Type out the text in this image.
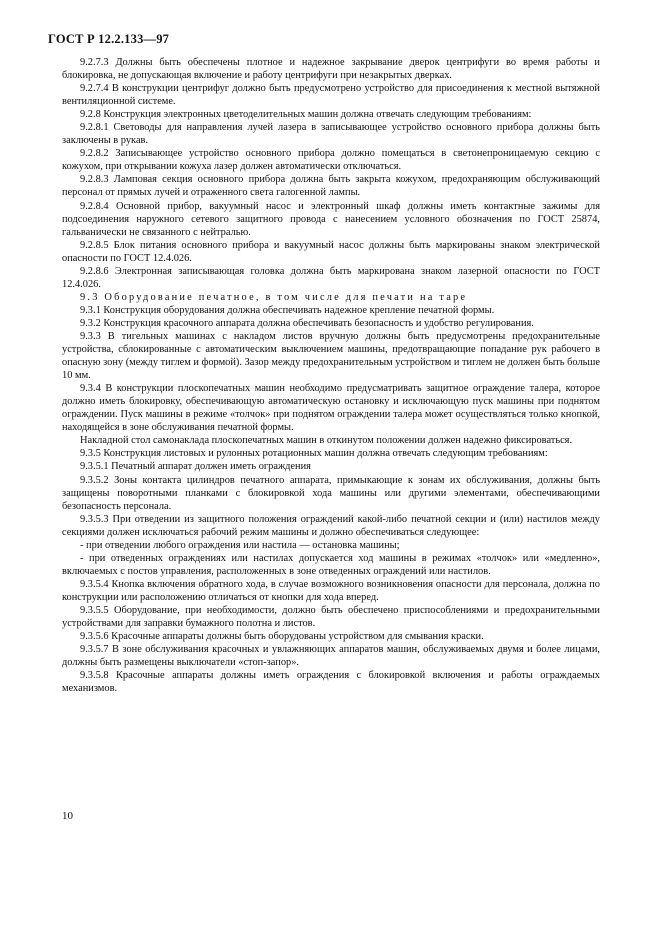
ГОСТ Р 12.2.133—97

9.2.7.3 Должны быть обеспечены плотное и надежное закрывание дверок центрифуги во время работы и блокировка, не допускающая включение и работу центрифуги при незакрытых дверках.

9.2.7.4 В конструкции центрифуг должно быть предусмотрено устройство для присоединения к местной вытяжной вентиляционной системе.

9.2.8 Конструкция электронных цветоделительных машин должна отвечать следующим требованиям:

9.2.8.1 Световоды для направления лучей лазера в записывающее устройство основного прибора должны быть заключены в рукав.

9.2.8.2 Записывающее устройство основного прибора должно помещаться в светонепроницаемую секцию с кожухом, при открывании кожуха лазер должен автоматически отключаться.

9.2.8.3 Ламповая секция основного прибора должна быть закрыта кожухом, предохраняющим обслуживающий персонал от прямых лучей и отраженного света галогенной лампы.

9.2.8.4 Основной прибор, вакуумный насос и электронный шкаф должны иметь контактные зажимы для подсоединения наружного сетевого защитного провода с нанесением условного обозначения по ГОСТ 25874, гальванически не связанного с нейтралью.

9.2.8.5 Блок питания основного прибора и вакуумный насос должны быть маркированы знаком электрической опасности по ГОСТ 12.4.026.

9.2.8.6 Электронная записывающая головка должна быть маркирована знаком лазерной опасности по ГОСТ 12.4.026.

9.3 Оборудование печатное, в том числе для печати на таре

9.3.1 Конструкция оборудования должна обеспечивать надежное крепление печатной формы.

9.3.2 Конструкция красочного аппарата должна обеспечивать безопасность и удобство регулирования.

9.3.3 В тигельных машинах с накладом листов вручную должны быть предусмотрены предохранительные устройства, сблокированные с автоматическим выключением машины, предотвращающие попадание рук рабочего в опасную зону (между тиглем и формой). Зазор между предохранительным устройством и тиглем не должен быть больше 10 мм.

9.3.4 В конструкции плоскопечатных машин необходимо предусматривать защитное ограждение талера, которое должно иметь блокировку, обеспечивающую автоматическую остановку и исключающую пуск машины при поднятом ограждении. Пуск машины в режиме «толчок» при поднятом ограждении талера может осуществляться только кнопкой, находящейся в зоне обслуживания печатной формы.

Накладной стол самонаклада плоскопечатных машин в откинутом положении должен надежно фиксироваться.

9.3.5 Конструкция листовых и рулонных ротационных машин должна отвечать следующим требованиям:

9.3.5.1 Печатный аппарат должен иметь ограждения

9.3.5.2 Зоны контакта цилиндров печатного аппарата, примыкающие к зонам их обслуживания, должны быть защищены поворотными планками с блокировкой хода машины или другими элементами, обеспечивающими безопасность персонала.

9.3.5.3 При отведении из защитного положения ограждений какой-либо печатной секции и (или) настилов между секциями должен исключаться рабочий режим машины и должно обеспечиваться следующее:

- при отведении любого ограждения или настила — остановка машины;

- при отведенных ограждениях или настилах допускается ход машины в режимах «толчок» или «медленно», включаемых с постов управления, расположенных в зоне отведенных ограждений или настилов.

9.3.5.4 Кнопка включения обратного хода, в случае возможного возникновения опасности для персонала, должна по конструкции или расположению отличаться от кнопки для хода вперед.

9.3.5.5 Оборудование, при необходимости, должно быть обеспечено приспособлениями и предохранительными устройствами для заправки бумажного полотна и листов.

9.3.5.6 Красочные аппараты должны быть оборудованы устройством для смывания краски.

9.3.5.7 В зоне обслуживания красочных и увлажняющих аппаратов машин, обслуживаемых двумя и более лицами, должны быть размещены выключатели «стоп-запор».

9.3.5.8 Красочные аппараты должны иметь ограждения с блокировкой включения и работы ограждаемых механизмов.

10
